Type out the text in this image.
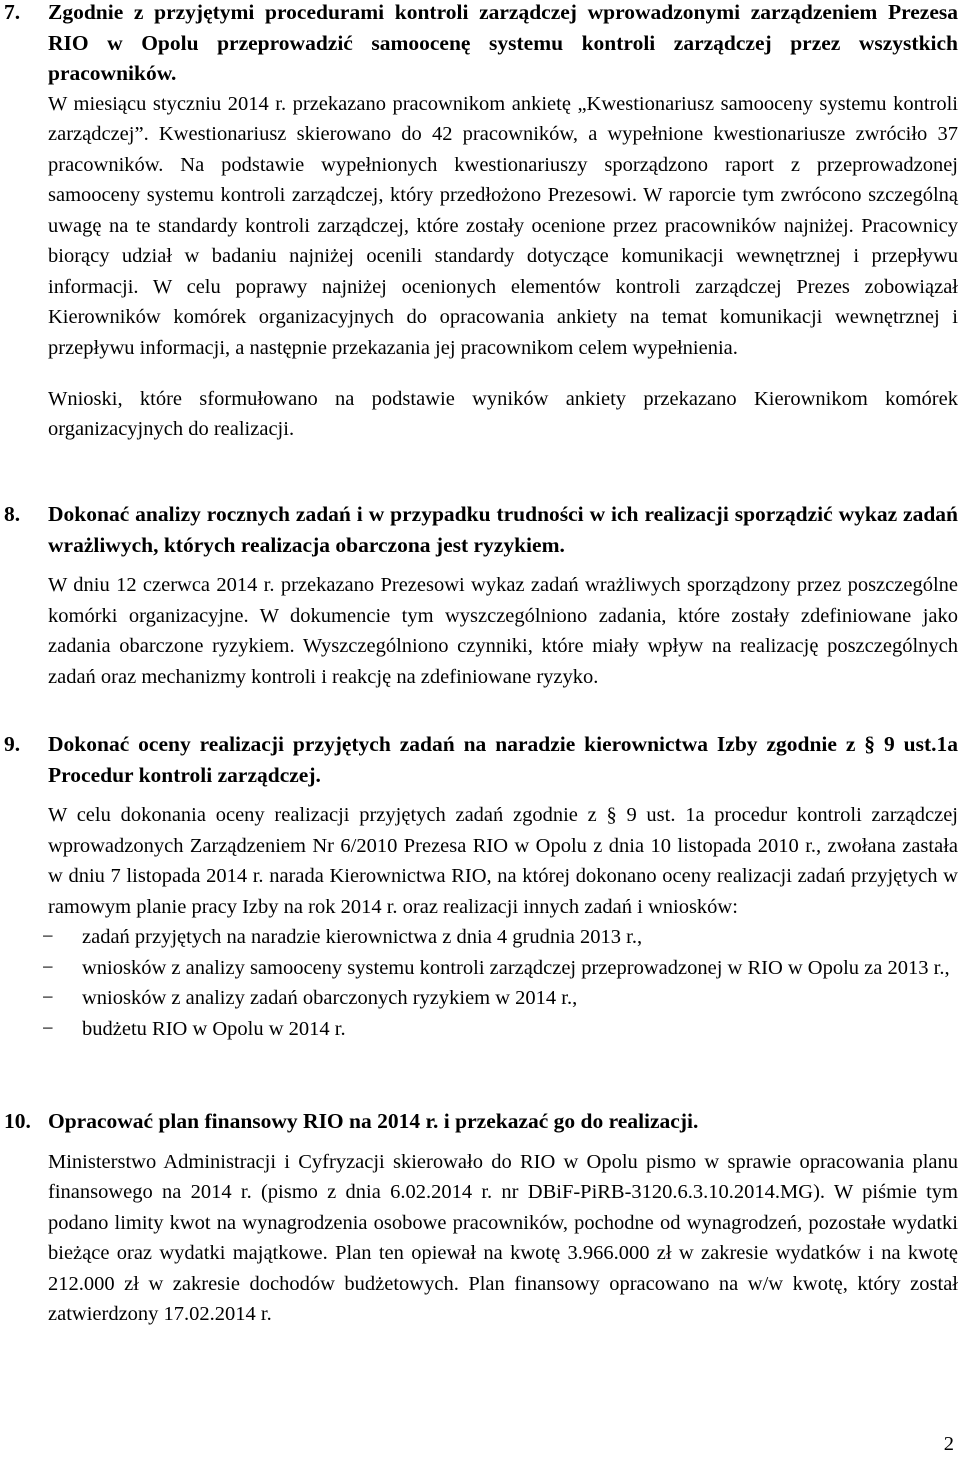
7. Zgodnie z przyjętymi procedurami kontroli zarządczej wprowadzonymi zarządzeniem Prezesa RIO w Opolu przeprowadzić samoocenę systemu kontroli zarządczej przez wszystkich pracowników.

W miesiącu styczniu 2014 r. przekazano pracownikom ankietę „Kwestionariusz samooceny systemu kontroli zarządczej”. Kwestionariusz skierowano do 42 pracowników, a wypełnione kwestionariusze zwróciło 37 pracowników. Na podstawie wypełnionych kwestionariuszy sporządzono raport z przeprowadzonej samooceny systemu kontroli zarządczej, który przedłożono Prezesowi. W raporcie tym zwrócono szczególną uwagę na te standardy kontroli zarządczej, które zostały ocenione przez pracowników najniżej. Pracownicy biorący udział w badaniu najniżej ocenili standardy dotyczące komunikacji wewnętrznej i przepływu informacji. W celu poprawy najniżej ocenionych elementów kontroli zarządczej Prezes zobowiązał Kierowników komórek organizacyjnych do opracowania ankiety na temat komunikacji wewnętrznej i przepływu informacji, a następnie przekazania jej pracownikom celem wypełnienia.

Wnioski, które sformułowano na podstawie wyników ankiety przekazano Kierownikom komórek organizacyjnych do realizacji.

8. Dokonać analizy rocznych zadań i w przypadku trudności w ich realizacji sporządzić wykaz zadań wrażliwych, których realizacja obarczona jest ryzykiem.

W dniu 12 czerwca 2014 r. przekazano Prezesowi wykaz zadań wrażliwych sporządzony przez poszczególne komórki organizacyjne. W dokumencie tym wyszczególniono zadania, które zostały zdefiniowane jako zadania obarczone ryzykiem. Wyszczególniono czynniki, które miały wpływ na realizację poszczególnych zadań oraz mechanizmy kontroli i reakcję na zdefiniowane ryzyko.

9. Dokonać oceny realizacji przyjętych zadań na naradzie kierownictwa Izby zgodnie z § 9 ust.1a Procedur kontroli zarządczej.

W celu dokonania oceny realizacji przyjętych zadań zgodnie z § 9 ust. 1a procedur kontroli zarządczej wprowadzonych Zarządzeniem Nr 6/2010 Prezesa RIO w Opolu z dnia 10 listopada 2010 r., zwołana zastała w dniu 7 listopada 2014 r. narada Kierownictwa RIO, na której dokonano oceny realizacji zadań przyjętych w ramowym planie pracy Izby na rok 2014 r. oraz realizacji innych zadań i wniosków:

− zadań przyjętych na naradzie kierownictwa z dnia 4 grudnia 2013 r.,
− wniosków z analizy samooceny systemu kontroli zarządczej przeprowadzonej w RIO w Opolu za 2013 r.,
− wniosków z analizy zadań obarczonych ryzykiem w 2014 r.,
− budżetu RIO w Opolu w 2014 r.
10. Opracować plan finansowy RIO na 2014 r. i przekazać go do realizacji.

Ministerstwo Administracji i Cyfryzacji skierowało do RIO w Opolu pismo w sprawie opracowania planu finansowego na 2014 r. (pismo z dnia 6.02.2014 r. nr DBiF-PiRB-3120.6.3.10.2014.MG). W piśmie tym podano limity kwot na wynagrodzenia osobowe pracowników, pochodne od wynagrodzeń, pozostałe wydatki bieżące oraz wydatki majątkowe. Plan ten opiewał na kwotę 3.966.000 zł w zakresie wydatków i na kwotę 212.000 zł w zakresie dochodów budżetowych. Plan finansowy opracowano na w/w kwotę, który został zatwierdzony 17.02.2014 r.

2
